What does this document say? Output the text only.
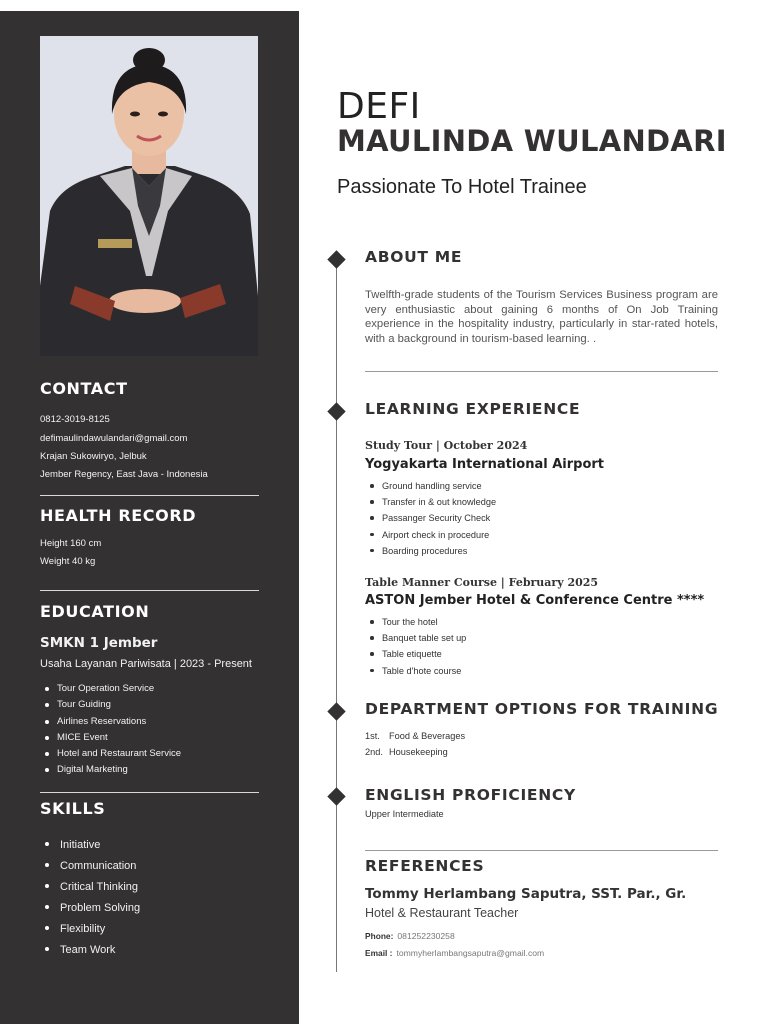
CONTACT
0812-3019-8125
defimaulindawulandari@gmail.com
Krajan Sukowiryo, Jelbuk
Jember Regency, East Java - Indonesia
HEALTH RECORD
Height 160 cm
Weight 40 kg
EDUCATION
SMKN 1 Jember
Usaha Layanan Pariwisata | 2023 - Present
Tour Operation Service
Tour Guiding
Airlines Reservations
MICE Event
Hotel and Restaurant Service
Digital Marketing
SKILLS
Initiative
Communication
Critical Thinking
Problem Solving
Flexibility
Team Work
DEFI
MAULINDA WULANDARI
Passionate To Hotel Trainee
ABOUT ME
Twelfth-grade students of the Tourism Services Business program are very enthusiastic about gaining 6 months of On Job Training experience in the hospitality industry, particularly in star-rated hotels, with a background in tourism-based learning. .
LEARNING EXPERIENCE
Study Tour | October 2024
Yogyakarta International Airport
Ground handling service
Transfer in & out knowledge
Passanger Security Check
Airport check in procedure
Boarding procedures
Table Manner Course | February 2025
ASTON Jember Hotel & Conference Centre ****
Tour the hotel
Banquet table set up
Table etiquette
Table d'hote course
DEPARTMENT OPTIONS FOR TRAINING
1st. Food & Beverages
2nd. Housekeeping
ENGLISH PROFICIENCY
Upper Intermediate
REFERENCES
Tommy Herlambang Saputra, SST. Par., Gr.
Hotel & Restaurant Teacher
Phone: 081252230258
Email : tommyherlambangsaputra@gmail.com
